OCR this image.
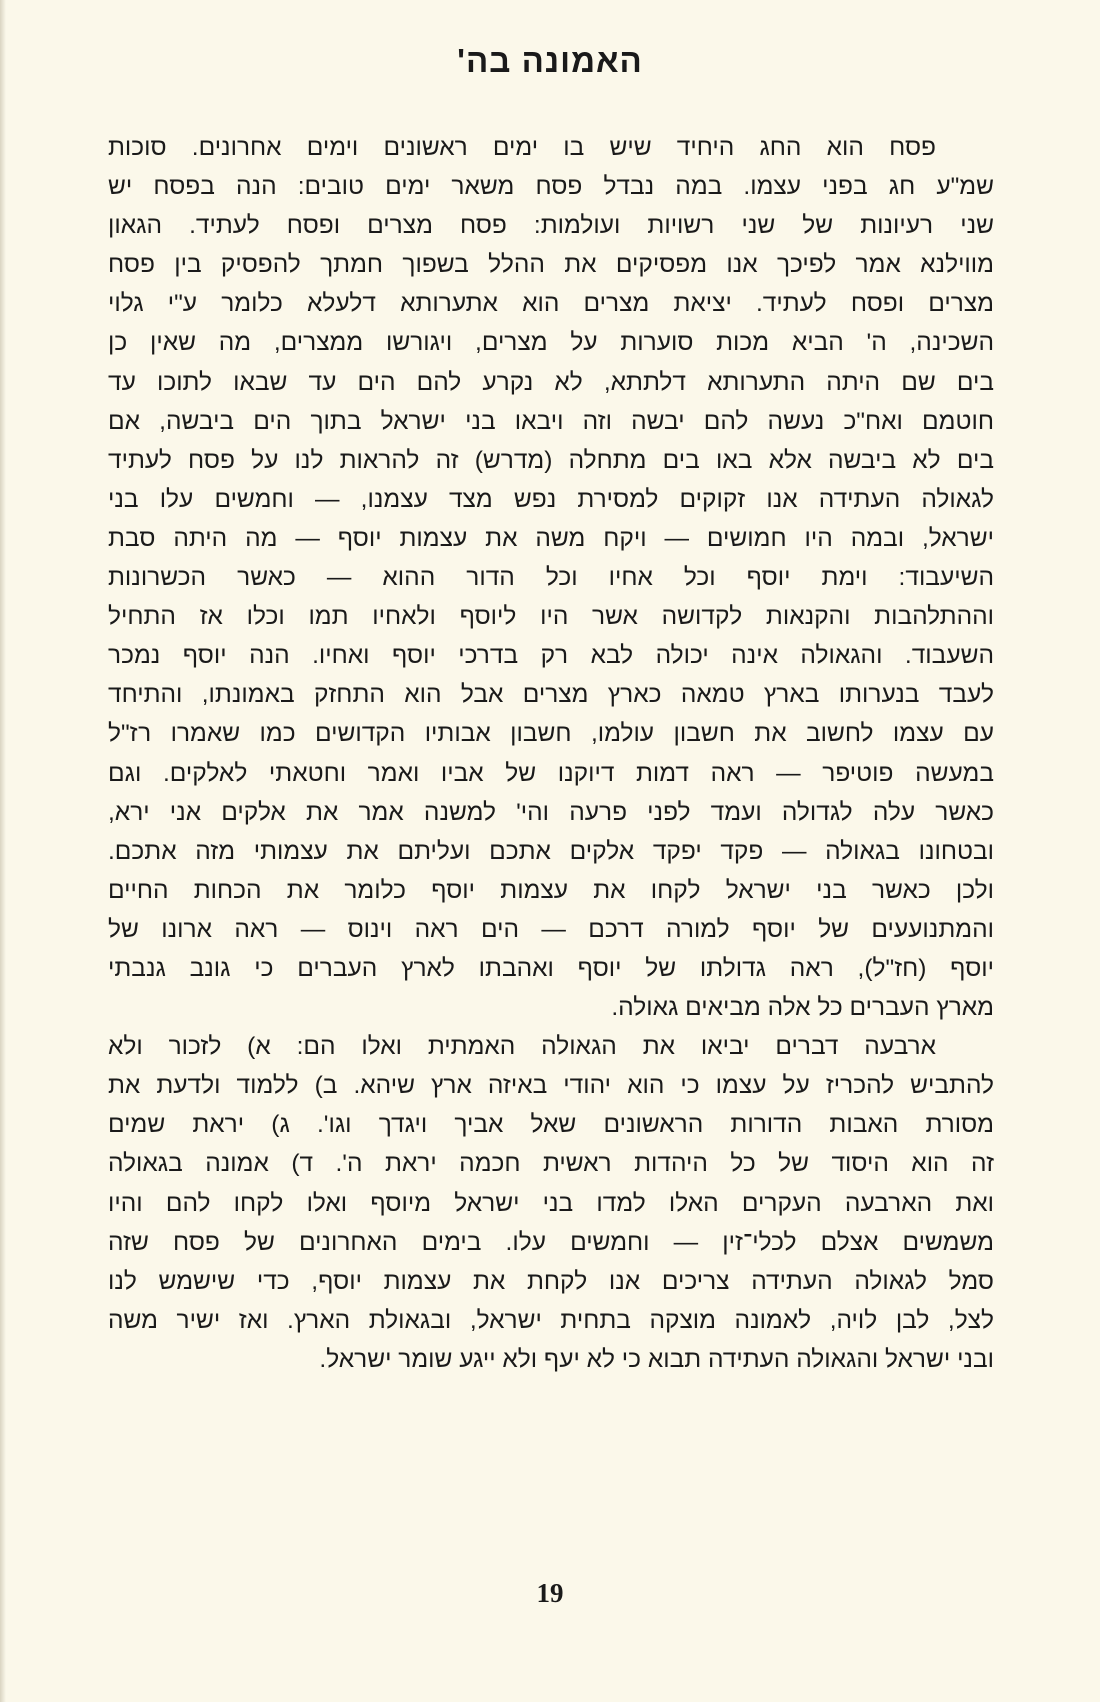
האמונה בה'
פסח הוא החג היחיד שיש בו ימים ראשונים וימים אחרונים. סוכות
שמ"ע חג בפני עצמו. במה נבדל פסח משאר ימים טובים: הנה בפסח יש
שני רעיונות של שני רשויות ועולמות: פסח מצרים ופסח לעתיד. הגאון
מווילנא אמר לפיכך אנו מפסיקים את ההלל בשפוך חמתך להפסיק בין פסח
מצרים ופסח לעתיד. יציאת מצרים הוא אתערותא דלעלא כלומר ע"י גלוי
השכינה, ה' הביא מכות סוערות על מצרים, ויגורשו ממצרים, מה שאין כן
בים שם היתה התערותא דלתתא, לא נקרע להם הים עד שבאו לתוכו עד
חוטמם ואח"כ נעשה להם יבשה וזה ויבאו בני ישראל בתוך הים ביבשה, אם
בים לא ביבשה אלא באו בים מתחלה (מדרש) זה להראות לנו על פסח לעתיד
לגאולה העתידה אנו זקוקים למסירת נפש מצד עצמנו, — וחמשים עלו בני
ישראל, ובמה היו חמושים — ויקח משה את עצמות יוסף — מה היתה סבת
השיעבוד: וימת יוסף וכל אחיו וכל הדור ההוא — כאשר הכשרונות
וההתלהבות והקנאות לקדושה אשר היו ליוסף ולאחיו תמו וכלו אז התחיל
השעבוד. והגאולה אינה יכולה לבא רק בדרכי יוסף ואחיו. הנה יוסף נמכר
לעבד בנערותו בארץ טמאה כארץ מצרים אבל הוא התחזק באמונתו, והתיחד
עם עצמו לחשוב את חשבון עולמו, חשבון אבותיו הקדושים כמו שאמרו רז"ל
במעשה פוטיפר — ראה דמות דיוקנו של אביו ואמר וחטאתי לאלקים. וגם
כאשר עלה לגדולה ועמד לפני פרעה והי' למשנה אמר את אלקים אני ירא,
ובטחונו בגאולה — פקד יפקד אלקים אתכם ועליתם את עצמותי מזה אתכם.
ולכן כאשר בני ישראל לקחו את עצמות יוסף כלומר את הכחות החיים
והמתנועעים של יוסף למורה דרכם — הים ראה וינוס — ראה ארונו של
יוסף (חז"ל), ראה גדולתו של יוסף ואהבתו לארץ העברים כי גונב גנבתי
מארץ העברים כל אלה מביאים גאולה.
ארבעה דברים יביאו את הגאולה האמתית ואלו הם: א) לזכור ולא
להתביש להכריז על עצמו כי הוא יהודי באיזה ארץ שיהא. ב) ללמוד ולדעת את
מסורת האבות הדורות הראשונים שאל אביך ויגדך וגו'. ג) יראת שמים
זה הוא היסוד של כל היהדות ראשית חכמה יראת ה'. ד) אמונה בגאולה
ואת הארבעה העקרים האלו למדו בני ישראל מיוסף ואלו לקחו להם והיו
משמשים אצלם לכלי־זין — וחמשים עלו. בימים האחרונים של פסח שזה
סמל לגאולה העתידה צריכים אנו לקחת את עצמות יוסף, כדי שישמש לנו
לצל, לבן לויה, לאמונה מוצקה בתחית ישראל, ובגאולת הארץ. ואז ישיר משה
ובני ישראל והגאולה העתידה תבוא כי לא יעף ולא ייגע שומר ישראל.
19
